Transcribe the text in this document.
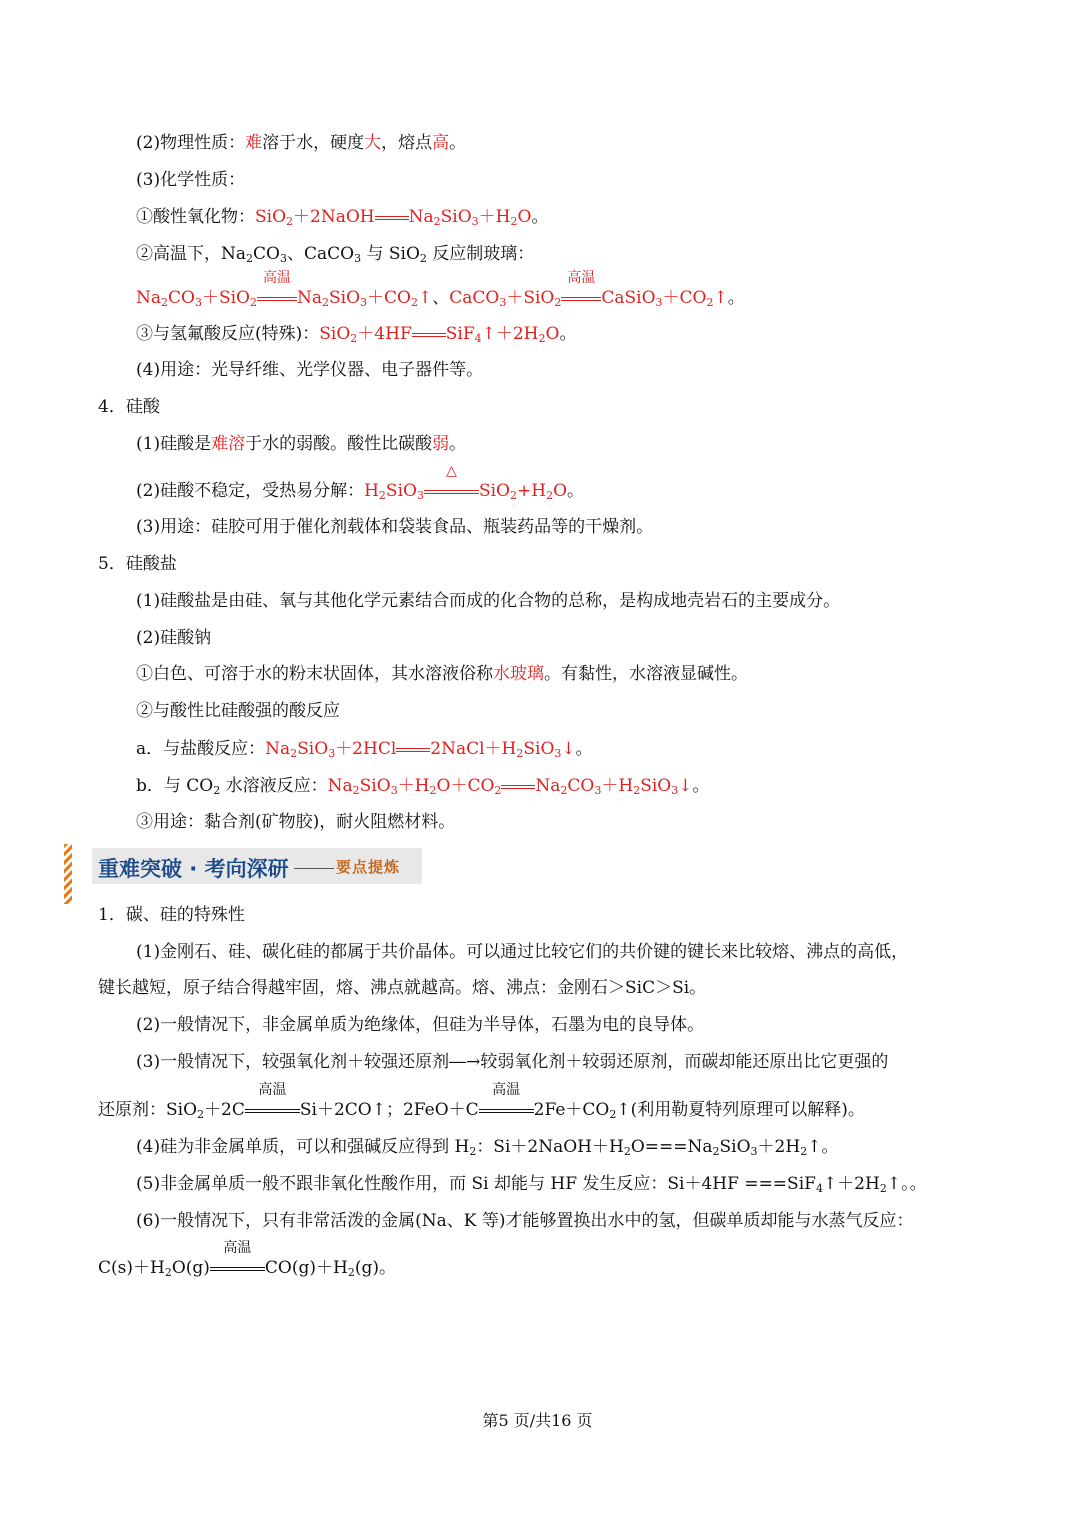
(2)物理性质：难溶于水，硬度大，熔点高。
(3)化学性质：
①酸性氧化物：SiO$_2$＋2NaOH $Na_2SiO_3+H_2O$。
②高温下，$Na_2CO_3$、CaCO$_3$ 与 SiO$_2$ 反应制玻璃：
$Na_2CO_3+SiO_2$
高温
$Na_2SiO_3+CO_2↑$、CaCO$_3$＋SiO$_2$
高温
$CaSiO_3+CO_2↑$。
③与氢氟酸反应(特殊)：SiO$_2$＋4HF $SiF_4↑+2H_2O$。
(4)用途：光导纤维、光学仪器、电子器件等。
4．硅酸
(1)硅酸是难溶于水的弱酸。酸性比碳酸弱。
(2)硅酸不稳定，受热易分解：$H_2SiO_3$
△
$SiO_2+H_2O$。
(3)用途：硅胶可用于催化剂载体和袋装食品、瓶装药品等的干燥剂。
5．硅酸盐
(1)硅酸盐是由硅、氧与其他化学元素结合而成的化合物的总称，是构成地壳岩石的主要成分。
(2)硅酸钠
①白色、可溶于水的粉末状固体，其水溶液俗称水玻璃。有黏性，水溶液显碱性。
②与酸性比硅酸强的酸反应
a．与盐酸反应：$Na_2SiO_3+2HCl$ $2NaCl+H_2SiO_3↓$。
b．与 $CO_2$ 水溶液反应：$Na_2SiO_3+H_2O+CO_2$ $Na_2CO_3+H_2SiO_3↓$。
③用途：黏合剂(矿物胶)，耐火阻燃材料。
重难突破 · 考向深研	要点提炼
1．碳、硅的特殊性
(1)金刚石、硅、碳化硅的都属于共价晶体。可以通过比较它们的共价键的键长来比较熔、沸点的高低，
键长越短，原子结合得越牢固，熔、沸点就越高。熔、沸点：金刚石＞SiC＞Si。
(2)一般情况下，非金属单质为绝缘体，但硅为半导体，石墨为电的良导体。
(3)一般情况下，较强氧化剂＋较强还原剂―→较弱氧化剂＋较弱还原剂，而碳却能还原出比它更强的
还原剂：SiO$_2$＋2C
高温
Si＋2CO↑；2FeO＋C
高温
$2Fe+CO_2↑$(利用勒夏特列原理可以解释)。
(4)硅为非金属单质，可以和强碱反应得到 $H_2$：$Si+2NaOH+H_2O===Na_2SiO_3+2H_2↑$。
(5)非金属单质一般不跟非氧化性酸作用，而 Si 却能与 HF 发生反应：$Si+4HF ===SiF_4↑+2H_2↑$。。
(6)一般情况下，只有非常活泼的金属(Na、K 等)才能够置换出水中的氢，但碳单质却能与水蒸气反应：
$C(s)+H_2O(g)$
高温
$CO(g)+H_2(g)$。
第5 页/共16 页
